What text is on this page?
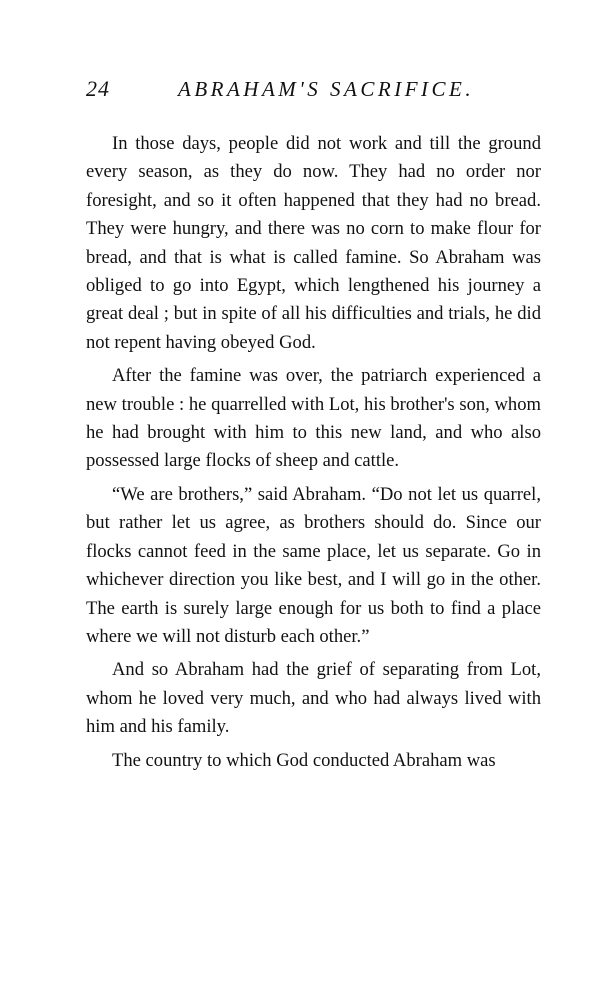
24	ABRAHAM'S SACRIFICE.

In those days, people did not work and till the ground every season, as they do now. They had no order nor foresight, and so it often happened that they had no bread. They were hungry, and there was no corn to make flour for bread, and that is what is called famine. So Abraham was obliged to go into Egypt, which lengthened his journey a great deal ; but in spite of all his difficulties and trials, he did not repent having obeyed God.

After the famine was over, the patriarch experienced a new trouble : he quarrelled with Lot, his brother's son, whom he had brought with him to this new land, and who also possessed large flocks of sheep and cattle.

“We are brothers,” said Abraham. “Do not let us quarrel, but rather let us agree, as brothers should do. Since our flocks cannot feed in the same place, let us separate. Go in whichever direction you like best, and I will go in the other. The earth is surely large enough for us both to find a place where we will not disturb each other.”

And so Abraham had the grief of separating from Lot, whom he loved very much, and who had always lived with him and his family.

The country to which God conducted Abraham was
